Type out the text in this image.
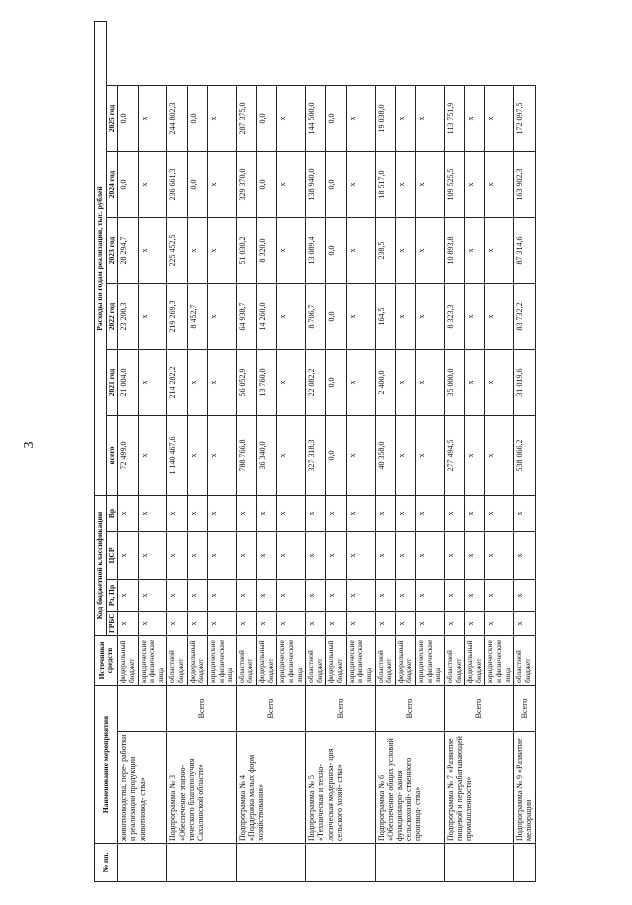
3
№ пп.	Наименование мероприятия		Источники средств	Код бюджетной классификации				Расходы по годам реализации, тыс. рублей					
				ГРБС	Рз, Пр	ЦСР	Вр	всего	2021 год	2022 год	2023 год	2024 год	2025 год
	животноводства, пере- работки и реализации продукции животновод- ства»		федеральный бюджет	х	х	х	х	72 499,0	21 004,0	23 200,3	28 294,7	0,0	0,0
			юридические и физические лица	х	х	х	х	х	х	х	х	х	х
	Подпрограмма № 3 «Обеспечение эпизоо- тического благополучия Сахалинской области»	Всего	областной бюджет	х	х	х	х	1 140 467,6	214 282,2	219 269,3	225 452,5	236 661,3	244 802,3
			федеральный бюджет	х	х	х	х	х	х	8 452,7	х	0,0	0,0
			юридические и физические лица	х	х	х	х	х	х	х	х	х	х
	Подпрограмма № 4 «Поддержка малых форм хозяйствования»	Всего	областной бюджет	х	х	х	х	788 766,8	56 052,9	64 938,7	51 030,2	329 370,0	287 375,0
			федеральный бюджет	х	х	х	х	36 340,0	13 760,0	14 260,0	8 320,0	0,0	0,0
			юридические и физические лица	х	х	х	х	х	х	х	х	х	х
	Подпрограмма № 5 «Техническая и техно- логическая модерниза- ция сельского хозяй- ства»	Всего	областной бюджет	х	х	х	х	327 318,3	22 082,2	8 706,7	13 089,4	138 940,0	144 500,0
			федеральный бюджет	х	х	х	х	0,0	0,0	0,0	0,0	0,0	0,0
			юридические и физические лица	х	х	х	х	х	х	х	х	х	х
	Подпрограмма № 6 «Обеспечение общих условий функциониро- вания сельскохозяй- ственного производ- ства»	Всего	областной бюджет	х	х	х	х	40 358,0	2 400,0	164,5	238,5	18 517,0	19 038,0
			федеральный бюджет	х	х	х	х	х	х	х	х	х	х
			юридические и физические лица	х	х	х	х	х	х	х	х	х	х
	Подпрограмма № 7 «Развитие пищевой и перерабатывающей промышленности»	Всего	областной бюджет	х	х	х	х	277 494,5	35 000,0	8 323,3	10 893,8	109 525,5	113 751,9
			федеральный бюджет	х	х	х	х	х	х	х	х	х	х
			юридические и физические лица	х	х	х	х	х	х	х	х	х	х
	Подпрограмма № 9 «Развитие мелиорации	Всего	областной бюджет	х	х	х	х	538 066,2	31 019,6	83 732,2	87 314,6	163 902,3	172 097,5
